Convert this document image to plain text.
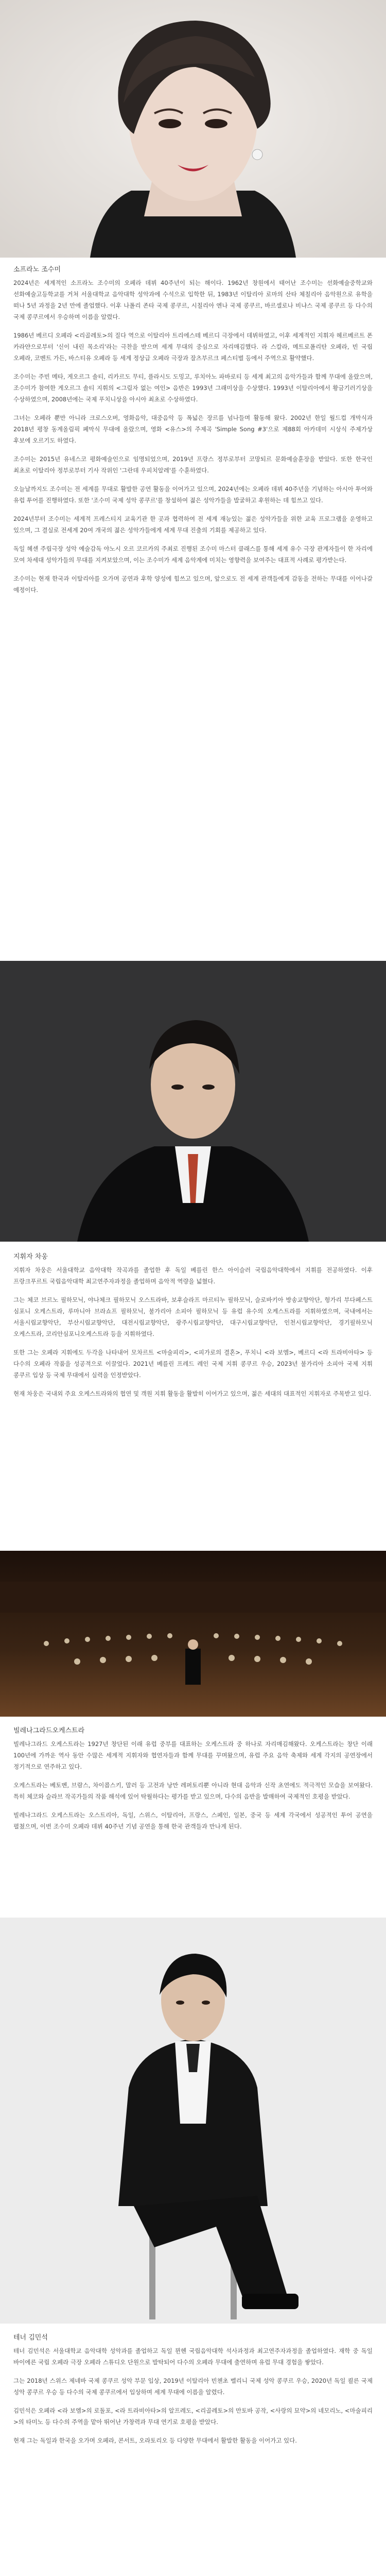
소프라노 조수미

2024년은 세계적인 소프라노 조수미의 오페라 데뷔 40주년이 되는 해이다. 1962년 창원에서 태어난 조수미는 선화예술중학교와 선화예술고등학교를 거쳐 서울대학교 음악대학 성악과에 수석으로 입학한 뒤, 1983년 이탈리아 로마의 산타 체칠리아 음악원으로 유학을 떠나 5년 과정을 2년 만에 졸업했다. 이후 나폴리 존타 국제 콩쿠르, 시칠리아 엔나 국제 콩쿠르, 바르셀로나 비냐스 국제 콩쿠르 등 다수의 국제 콩쿠르에서 우승하며 이름을 알렸다.

1986년 베르디 오페라 <리골레토>의 질다 역으로 이탈리아 트리에스테 베르디 극장에서 데뷔하였고, 이후 세계적인 지휘자 헤르베르트 폰 카라얀으로부터 '신이 내린 목소리'라는 극찬을 받으며 세계 무대의 중심으로 자리매김했다. 라 스칼라, 메트로폴리탄 오페라, 빈 국립 오페라, 코벤트 가든, 바스티유 오페라 등 세계 정상급 오페라 극장과 잘츠부르크 페스티벌 등에서 주역으로 활약했다.

조수미는 주빈 메타, 게오르그 솔티, 리카르도 무티, 플라시도 도밍고, 루치아노 파바로티 등 세계 최고의 음악가들과 함께 무대에 올랐으며, 조수미가 참여한 게오르그 솔티 지휘의 <그림자 없는 여인> 음반은 1993년 그래미상을 수상했다. 1993년 이탈리아에서 황금기러기상을 수상하였으며, 2008년에는 국제 푸치니상을 아시아 최초로 수상하였다.

그녀는 오페라 뿐만 아니라 크로스오버, 영화음악, 대중음악 등 폭넓은 장르를 넘나들며 활동해 왔다. 2002년 한일 월드컵 개막식과 2018년 평창 동계올림픽 폐막식 무대에 올랐으며, 영화 <유스>의 주제곡 'Simple Song #3'으로 제88회 아카데미 시상식 주제가상 후보에 오르기도 하였다.

조수미는 2015년 유네스코 평화예술인으로 임명되었으며, 2019년 프랑스 정부로부터 코망되르 문화예술훈장을 받았다. 또한 한국인 최초로 이탈리아 정부로부터 기사 작위인 '그란데 우피치알레'를 수훈하였다.

오늘날까지도 조수미는 전 세계를 무대로 활발한 공연 활동을 이어가고 있으며, 2024년에는 오페라 데뷔 40주년을 기념하는 아시아 투어와 유럽 투어를 진행하였다. 또한 '조수미 국제 성악 콩쿠르'를 창설하여 젊은 성악가들을 발굴하고 후원하는 데 힘쓰고 있다.

2024년부터 조수미는 세계적 프레스티지 교육기관 한 곳과 협력하여 전 세계 재능있는 젊은 성악가들을 위한 교육 프로그램을 운영하고 있으며, 그 결실로 전세계 20여 개국의 젊은 성악가들에게 세계 무대 진출의 기회를 제공하고 있다.

독일 헤센 주립극장 성악 예술감독 야노시 오르 코르카의 주최로 진행된 조수미 마스터 클래스를 통해 세계 유수 극장 관계자들이 한 자리에 모여 차세대 성악가들의 무대를 지켜보았으며, 이는 조수미가 세계 음악계에 미치는 영향력을 보여주는 대표적 사례로 평가받는다.

조수미는 현재 한국과 이탈리아를 오가며 공연과 후학 양성에 힘쓰고 있으며, 앞으로도 전 세계 관객들에게 감동을 전하는 무대를 이어나갈 예정이다.

지휘자 차웅

지휘자 차웅은 서울대학교 음악대학 작곡과를 졸업한 후 독일 베를린 한스 아이슬러 국립음악대학에서 지휘를 전공하였다. 이후 프랑크푸르트 국립음악대학 최고연주자과정을 졸업하며 음악적 역량을 넓혔다.

그는 체코 브르노 필하모닉, 야나체크 필하모닉 오스트라바, 보후슬라프 마르티누 필하모닉, 슬로바키아 방송교향악단, 헝가리 부다페스트 심포니 오케스트라, 루마니아 브라쇼프 필하모닉, 불가리아 소피아 필하모닉 등 유럽 유수의 오케스트라를 지휘하였으며, 국내에서는 서울시립교향악단, 부산시립교향악단, 대전시립교향악단, 광주시립교향악단, 대구시립교향악단, 인천시립교향악단, 경기필하모닉 오케스트라, 코리안심포니오케스트라 등을 지휘하였다.

또한 그는 오페라 지휘에도 두각을 나타내어 모차르트 <마술피리>, <피가로의 결혼>, 푸치니 <라 보엠>, 베르디 <라 트라비아타> 등 다수의 오페라 작품을 성공적으로 이끌었다. 2021년 베를린 프레드 레인 국제 지휘 콩쿠르 우승, 2023년 불가리아 소피아 국제 지휘 콩쿠르 입상 등 국제 무대에서 실력을 인정받았다.

현재 차웅은 국내외 주요 오케스트라와의 협연 및 객원 지휘 활동을 활발히 이어가고 있으며, 젊은 세대의 대표적인 지휘자로 주목받고 있다.

빌레나그라드오케스트라

빌레나그라드 오케스트라는 1927년 창단된 이래 유럽 중부를 대표하는 오케스트라 중 하나로 자리매김해왔다. 오케스트라는 창단 이래 100년에 가까운 역사 동안 수많은 세계적 지휘자와 협연자들과 함께 무대를 꾸며왔으며, 유럽 주요 음악 축제와 세계 각지의 공연장에서 정기적으로 연주하고 있다.

오케스트라는 베토벤, 브람스, 차이콥스키, 말러 등 고전과 낭만 레퍼토리뿐 아니라 현대 음악과 신작 초연에도 적극적인 모습을 보여왔다. 특히 체코와 슬라브 작곡가들의 작품 해석에 있어 탁월하다는 평가를 받고 있으며, 다수의 음반을 발매하여 국제적인 호평을 받았다.

빌레나그라드 오케스트라는 오스트리아, 독일, 스위스, 이탈리아, 프랑스, 스페인, 일본, 중국 등 세계 각국에서 성공적인 투어 공연을 펼쳤으며, 이번 조수미 오페라 데뷔 40주년 기념 공연을 통해 한국 관객들과 만나게 된다.

테너 김민석

테너 김민석은 서울대학교 음악대학 성악과를 졸업하고 독일 뮌헨 국립음악대학 석사과정과 최고연주자과정을 졸업하였다. 재학 중 독일 바이에른 국립 오페라 극장 오페라 스튜디오 단원으로 발탁되어 다수의 오페라 무대에 출연하며 유럽 무대 경험을 쌓았다.

그는 2018년 스위스 제네바 국제 콩쿠르 성악 부문 입상, 2019년 이탈리아 빈첸초 벨리니 국제 성악 콩쿠르 우승, 2020년 독일 쾰른 국제 성악 콩쿠르 우승 등 다수의 국제 콩쿠르에서 입상하며 세계 무대에 이름을 알렸다.

김민석은 오페라 <라 보엠>의 로돌포, <라 트라비아타>의 알프레도, <리골레토>의 만토바 공작, <사랑의 묘약>의 네모리노, <마술피리>의 타미노 등 다수의 주역을 맡아 뛰어난 가창력과 무대 연기로 호평을 받았다.

현재 그는 독일과 한국을 오가며 오페라, 콘서트, 오라토리오 등 다양한 무대에서 활발한 활동을 이어가고 있다.
